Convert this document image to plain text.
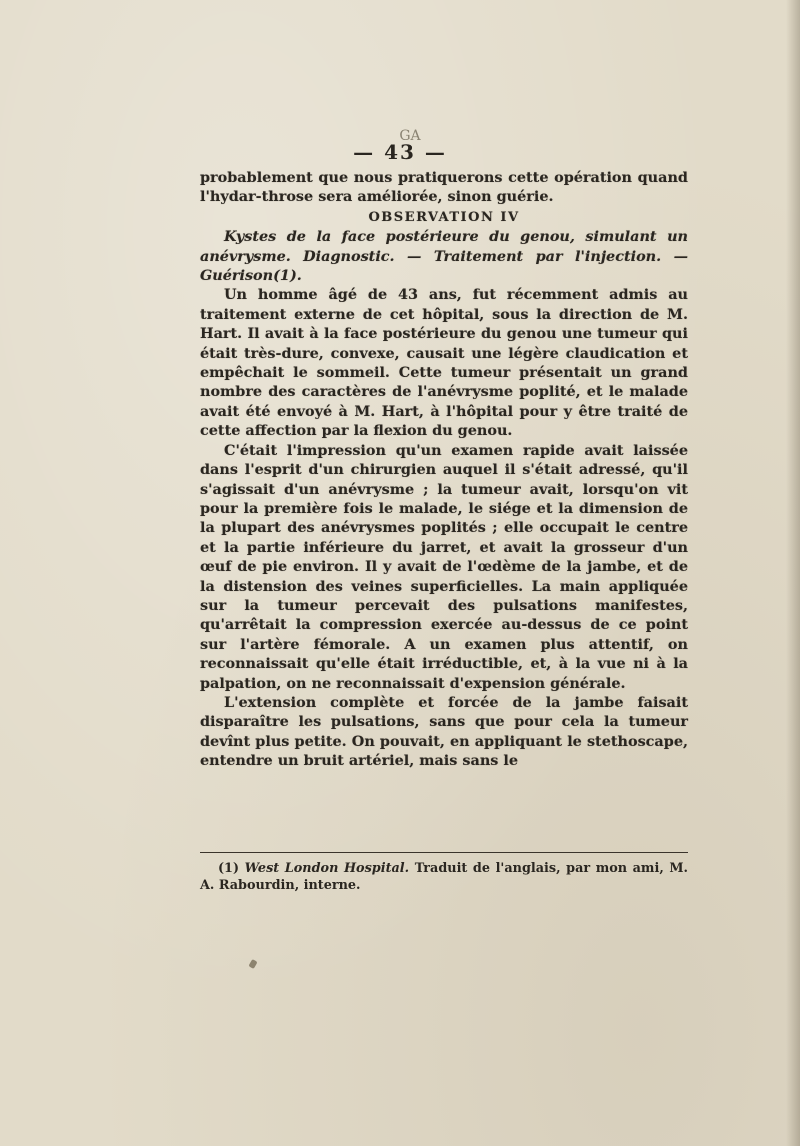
GA
— 43 —

probablement que nous pratiquerons cette opération quand l'hydar-throse sera améliorée, sinon guérie.

OBSERVATION IV

Kystes de la face postérieure du genou, simulant un anévrysme. Diagnostic. — Traitement par l'injection. — Guérison(1).

Un homme âgé de 43 ans, fut récemment admis au traitement externe de cet hôpital, sous la direction de M. Hart. Il avait à la face postérieure du genou une tumeur qui était très-dure, convexe, causait une légère claudication et empêchait le sommeil. Cette tumeur présentait un grand nombre des caractères de l'anévrysme poplité, et le malade avait été envoyé à M. Hart, à l'hôpital pour y être traité de cette affection par la flexion du genou.

C'était l'impression qu'un examen rapide avait laissée dans l'esprit d'un chirurgien auquel il s'était adressé, qu'il s'agissait d'un anévrysme ; la tumeur avait, lorsqu'on vit pour la première fois le malade, le siége et la dimension de la plupart des anévrysmes poplités ; elle occupait le centre et la partie inférieure du jarret, et avait la grosseur d'un œuf de pie environ. Il y avait de l'œdème de la jambe, et de la distension des veines superficielles. La main appliquée sur la tumeur percevait des pulsations manifestes, qu'arrêtait la compression exercée au-dessus de ce point sur l'artère fémorale. A un examen plus attentif, on reconnaissait qu'elle était irréductible, et, à la vue ni à la palpation, on ne reconnaissait d'expension générale.

L'extension complète et forcée de la jambe faisait disparaître les pulsations, sans que pour cela la tumeur devînt plus petite. On pouvait, en appliquant le stethoscape, entendre un bruit artériel, mais sans le

(1) West London Hospital. Traduit de l'anglais, par mon ami, M. A. Rabourdin, interne.
